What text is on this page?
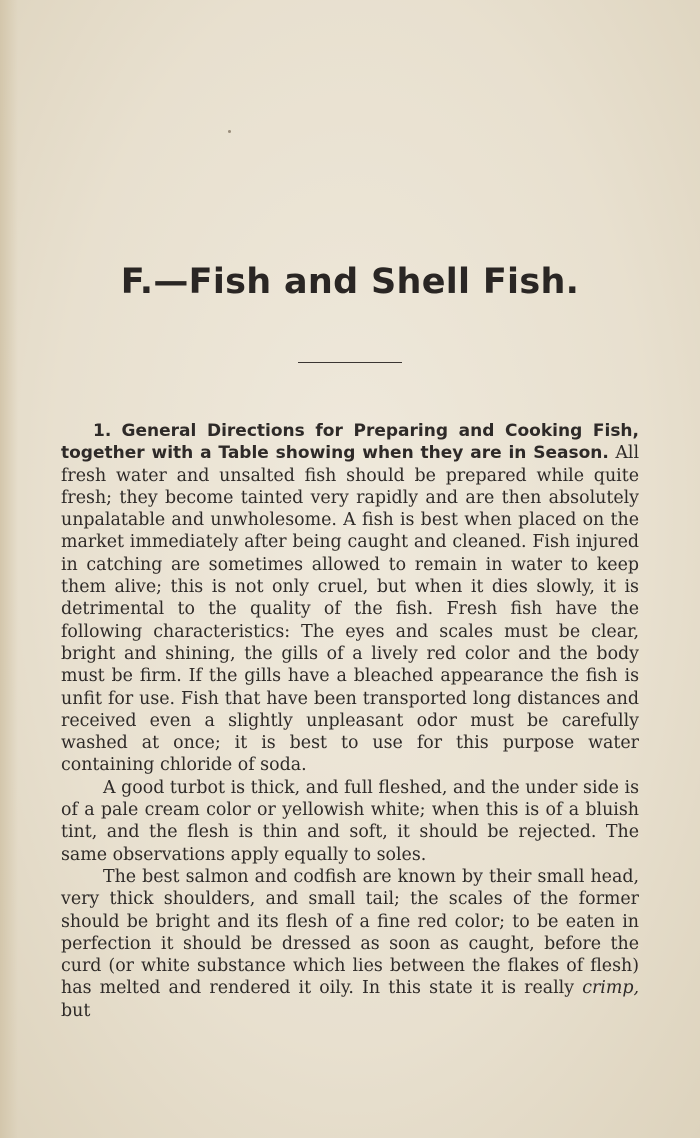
F.—Fish and Shell Fish.

1. General Directions for Preparing and Cooking Fish, together with a Table showing when they are in Season. All fresh water and unsalted fish should be prepared while quite fresh; they become tainted very rapidly and are then absolutely unpalatable and unwholesome. A fish is best when placed on the market immediately after being caught and cleaned. Fish injured in catching are sometimes allowed to remain in water to keep them alive; this is not only cruel, but when it dies slowly, it is detrimental to the quality of the fish. Fresh fish have the following characteristics: The eyes and scales must be clear, bright and shining, the gills of a lively red color and the body must be firm. If the gills have a bleached appearance the fish is unfit for use. Fish that have been transported long distances and received even a slightly unpleasant odor must be carefully washed at once; it is best to use for this purpose water containing chloride of soda.

A good turbot is thick, and full fleshed, and the under side is of a pale cream color or yellowish white; when this is of a bluish tint, and the flesh is thin and soft, it should be rejected. The same observations apply equally to soles.

The best salmon and codfish are known by their small head, very thick shoulders, and small tail; the scales of the former should be bright and its flesh of a fine red color; to be eaten in perfection it should be dressed as soon as caught, before the curd (or white substance which lies between the flakes of flesh) has melted and rendered it oily. In this state it is really crimp, but
